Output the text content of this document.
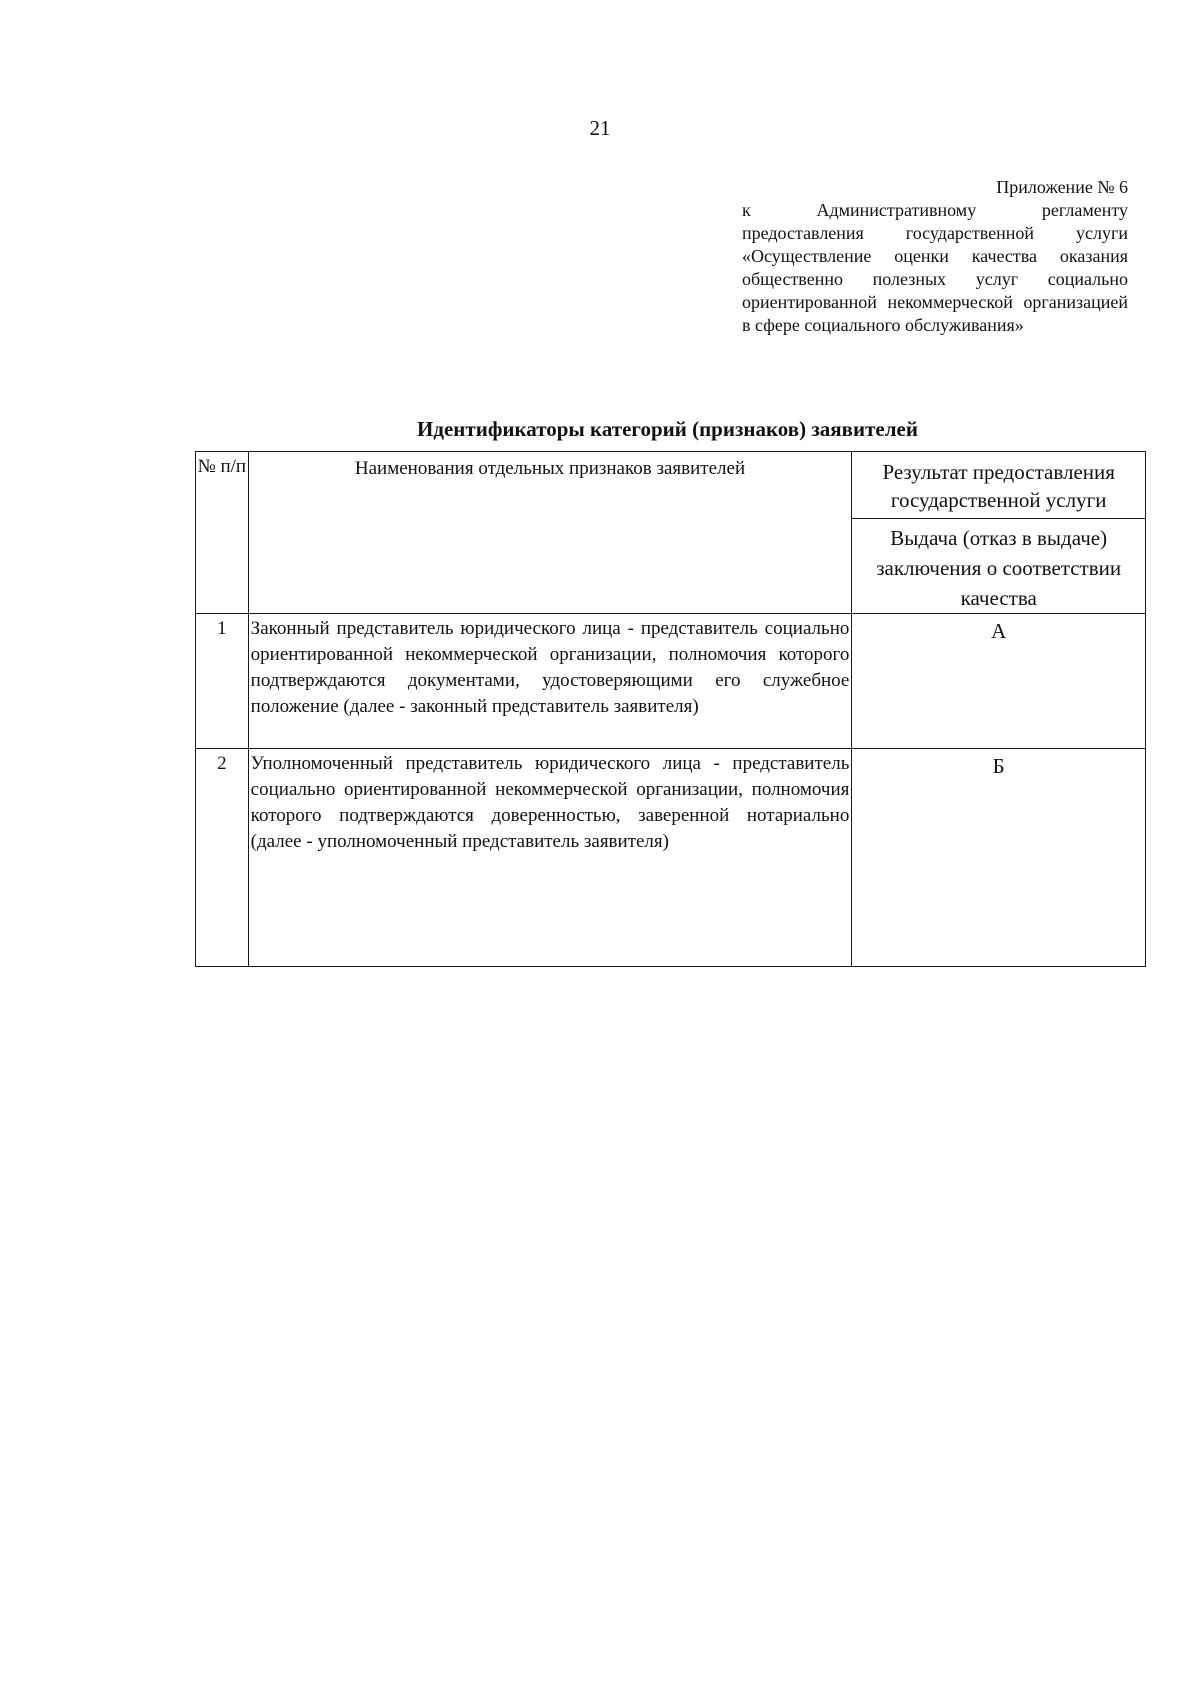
21
Приложение № 6
к Административному регламенту предоставления государственной услуги «Осуществление оценки качества оказания общественно полезных услуг социально ориентированной некоммерческой организацией в сфере социального обслуживания»
Идентификаторы категорий (признаков) заявителей
№ п/п	Наименования отдельных признаков заявителей	Результат предоставления государственной услуги
		Выдача (отказ в выдаче) заключения о соответствии качества
1	Законный представитель юридического лица - представитель социально ориентированной некоммерческой организации, полномочия которого подтверждаются документами, удостоверяющими его служебное положение (далее - законный представитель заявителя)	А
2	Уполномоченный представитель юридического лица - представитель социально ориентированной некоммерческой организации, полномочия которого подтверждаются доверенностью, заверенной нотариально (далее - уполномоченный представитель заявителя)	Б
